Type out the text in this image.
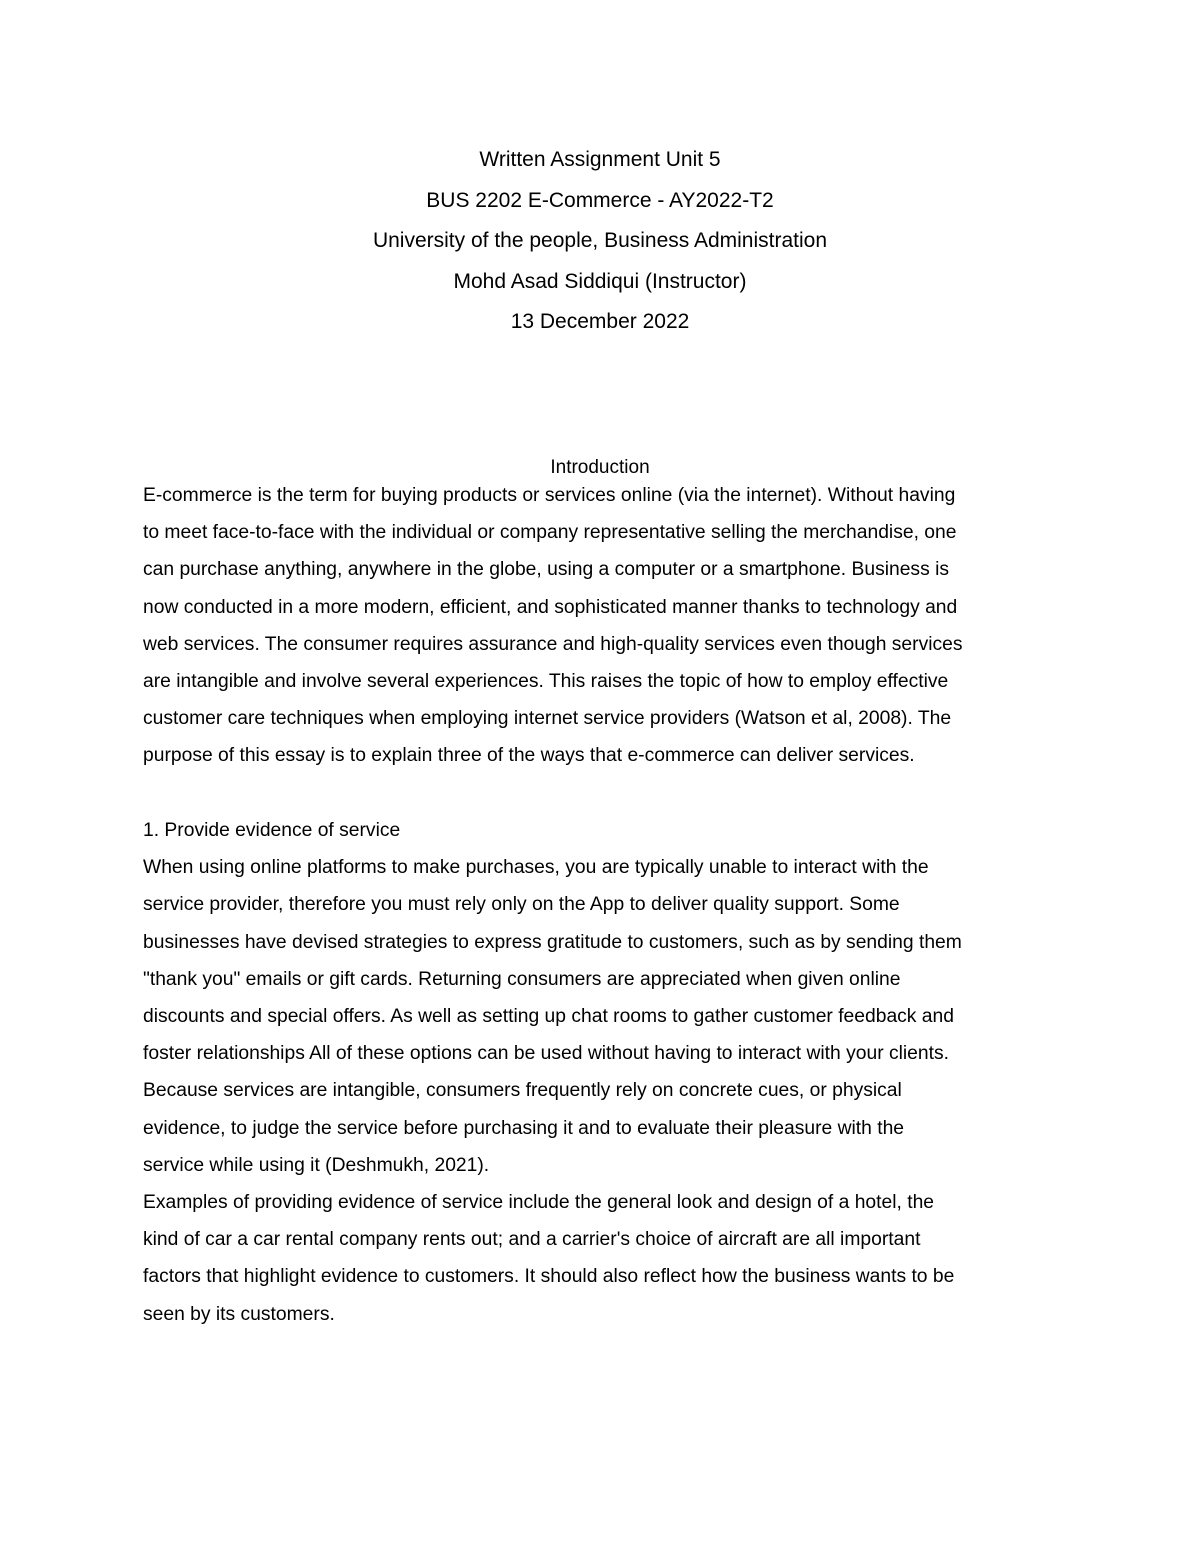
Written Assignment Unit 5
BUS 2202 E-Commerce - AY2022-T2
University of the people, Business Administration
Mohd Asad Siddiqui (Instructor)
13 December 2022
Introduction
E-commerce is the term for buying products or services online (via the internet). Without having
to meet face-to-face with the individual or company representative selling the merchandise, one
can purchase anything, anywhere in the globe, using a computer or a smartphone. Business is
now conducted in a more modern, efficient, and sophisticated manner thanks to technology and
web services. The consumer requires assurance and high-quality services even though services
are intangible and involve several experiences. This raises the topic of how to employ effective
customer care techniques when employing internet service providers (Watson et al, 2008). The
purpose of this essay is to explain three of the ways that e-commerce can deliver services.
1. Provide evidence of service
When using online platforms to make purchases, you are typically unable to interact with the
service provider, therefore you must rely only on the App to deliver quality support. Some
businesses have devised strategies to express gratitude to customers, such as by sending them
"thank you" emails or gift cards. Returning consumers are appreciated when given online
discounts and special offers. As well as setting up chat rooms to gather customer feedback and
foster relationships All of these options can be used without having to interact with your clients.
Because services are intangible, consumers frequently rely on concrete cues, or physical
evidence, to judge the service before purchasing it and to evaluate their pleasure with the
service while using it (Deshmukh, 2021).
Examples of providing evidence of service include the general look and design of a hotel, the
kind of car a car rental company rents out; and a carrier's choice of aircraft are all important
factors that highlight evidence to customers. It should also reflect how the business wants to be
seen by its customers.
